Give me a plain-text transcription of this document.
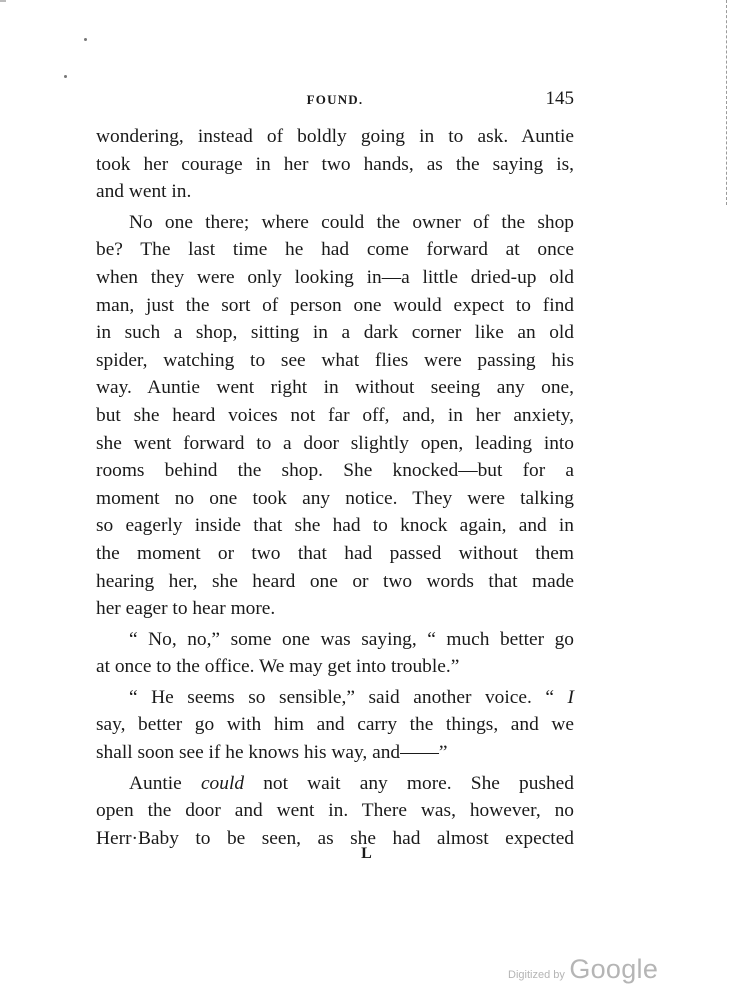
FOUND.	145
wondering, instead of boldly going in to ask. Auntie
took her courage in her two hands, as the saying is,
and went in.
No one there; where could the owner of the shop
be? The last time he had come forward at once
when they were only looking in—a little dried-up old
man, just the sort of person one would expect to find
in such a shop, sitting in a dark corner like an old
spider, watching to see what flies were passing his
way. Auntie went right in without seeing any one,
but she heard voices not far off, and, in her anxiety,
she went forward to a door slightly open, leading into
rooms behind the shop. She knocked—but for a
moment no one took any notice. They were talking
so eagerly inside that she had to knock again, and in
the moment or two that had passed without them
hearing her, she heard one or two words that made
her eager to hear more.
“ No, no,” some one was saying, “ much better go
at once to the office. We may get into trouble.”
“ He seems so sensible,” said another voice. “ I
say, better go with him and carry the things, and we
shall soon see if he knows his way, and——”
Auntie could not wait any more. She pushed
open the door and went in. There was, however, no
Herr·Baby to be seen, as she had almost expected
L
Digitized by Google
